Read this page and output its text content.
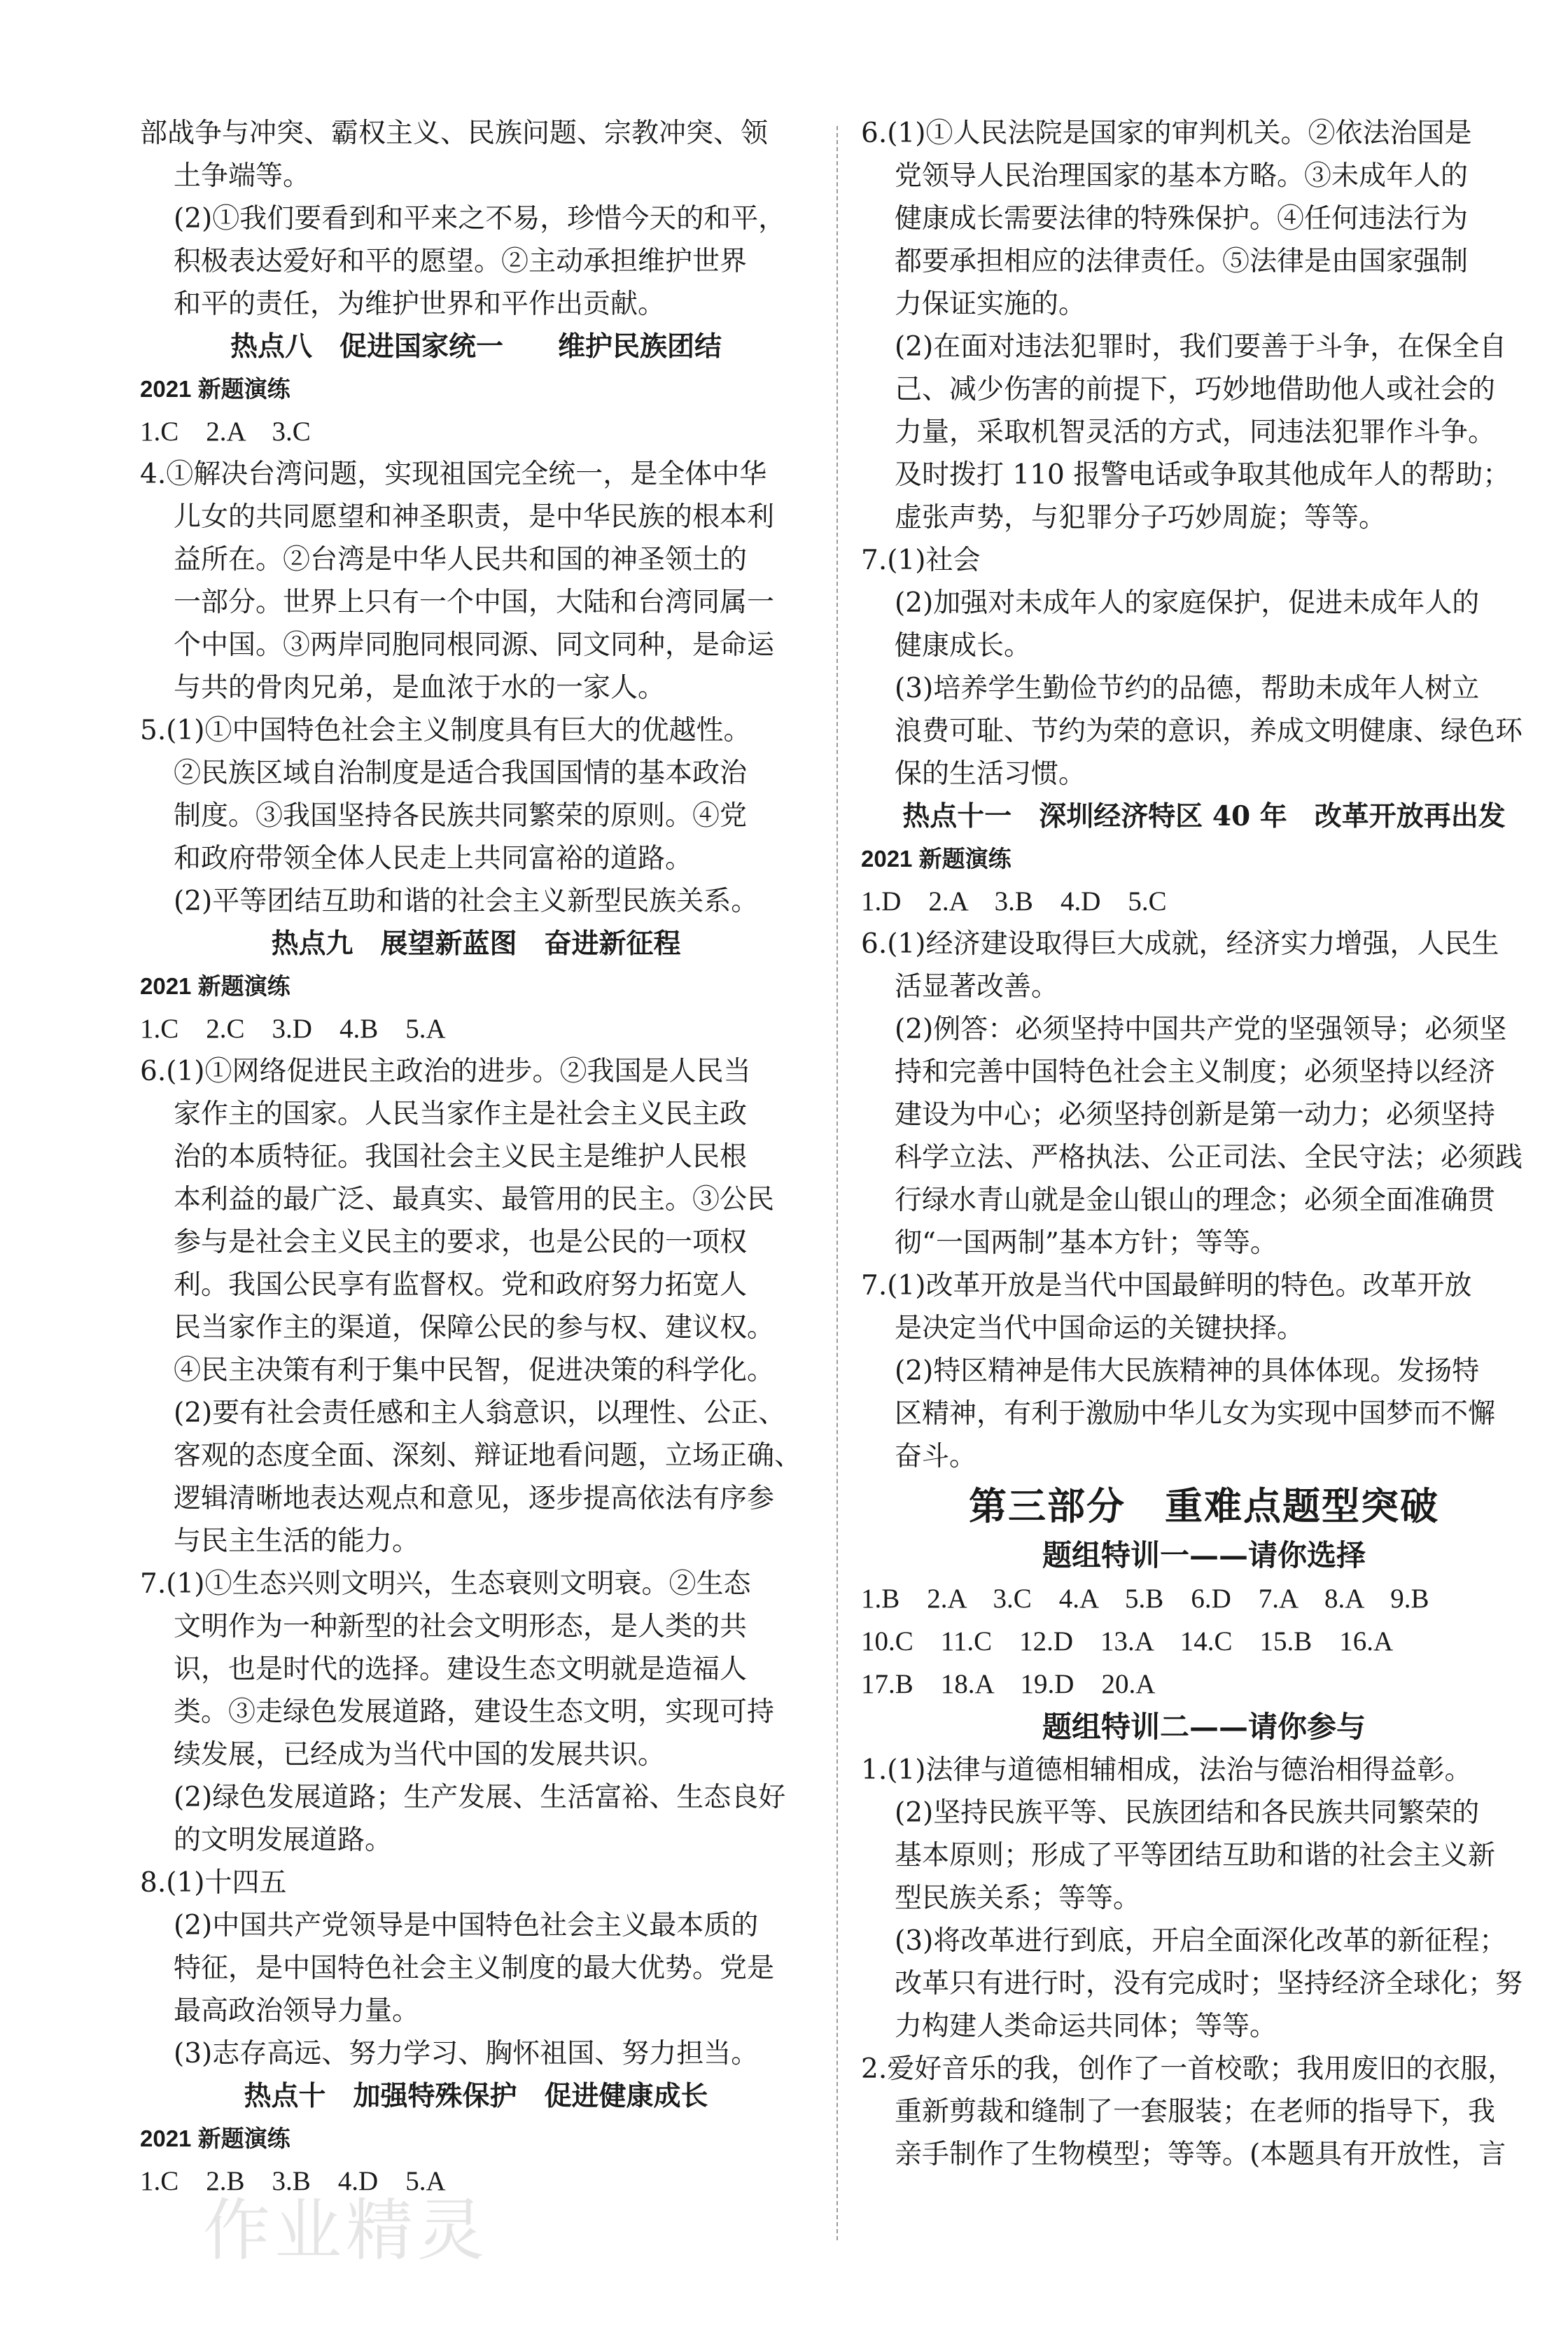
部战争与冲突、霸权主义、民族问题、宗教冲突、领
土争端等。
(2)①我们要看到和平来之不易，珍惜今天的和平，
积极表达爱好和平的愿望。②主动承担维护世界
和平的责任，为维护世界和平作出贡献。
热点八　促进国家统一　　维护民族团结
2021 新题演练
1.C　2.A　3.C
4.①解决台湾问题，实现祖国完全统一，是全体中华
儿女的共同愿望和神圣职责，是中华民族的根本利
益所在。②台湾是中华人民共和国的神圣领土的
一部分。世界上只有一个中国，大陆和台湾同属一
个中国。③两岸同胞同根同源、同文同种，是命运
与共的骨肉兄弟，是血浓于水的一家人。
5.(1)①中国特色社会主义制度具有巨大的优越性。
②民族区域自治制度是适合我国国情的基本政治
制度。③我国坚持各民族共同繁荣的原则。④党
和政府带领全体人民走上共同富裕的道路。
(2)平等团结互助和谐的社会主义新型民族关系。
热点九　展望新蓝图　奋进新征程
2021 新题演练
1.C　2.C　3.D　4.B　5.A
6.(1)①网络促进民主政治的进步。②我国是人民当
家作主的国家。人民当家作主是社会主义民主政
治的本质特征。我国社会主义民主是维护人民根
本利益的最广泛、最真实、最管用的民主。③公民
参与是社会主义民主的要求，也是公民的一项权
利。我国公民享有监督权。党和政府努力拓宽人
民当家作主的渠道，保障公民的参与权、建议权。
④民主决策有利于集中民智，促进决策的科学化。
(2)要有社会责任感和主人翁意识，以理性、公正、
客观的态度全面、深刻、辩证地看问题，立场正确、
逻辑清晰地表达观点和意见，逐步提高依法有序参
与民主生活的能力。
7.(1)①生态兴则文明兴，生态衰则文明衰。②生态
文明作为一种新型的社会文明形态，是人类的共
识，也是时代的选择。建设生态文明就是造福人
类。③走绿色发展道路，建设生态文明，实现可持
续发展，已经成为当代中国的发展共识。
(2)绿色发展道路；生产发展、生活富裕、生态良好
的文明发展道路。
8.(1)十四五
(2)中国共产党领导是中国特色社会主义最本质的
特征，是中国特色社会主义制度的最大优势。党是
最高政治领导力量。
(3)志存高远、努力学习、胸怀祖国、努力担当。
热点十　加强特殊保护　促进健康成长
2021 新题演练
1.C　2.B　3.B　4.D　5.A
6.(1)①人民法院是国家的审判机关。②依法治国是
党领导人民治理国家的基本方略。③未成年人的
健康成长需要法律的特殊保护。④任何违法行为
都要承担相应的法律责任。⑤法律是由国家强制
力保证实施的。
(2)在面对违法犯罪时，我们要善于斗争，在保全自
己、减少伤害的前提下，巧妙地借助他人或社会的
力量，采取机智灵活的方式，同违法犯罪作斗争。
及时拨打 110 报警电话或争取其他成年人的帮助；
虚张声势，与犯罪分子巧妙周旋；等等。
7.(1)社会
(2)加强对未成年人的家庭保护，促进未成年人的
健康成长。
(3)培养学生勤俭节约的品德，帮助未成年人树立
浪费可耻、节约为荣的意识，养成文明健康、绿色环
保的生活习惯。
热点十一　深圳经济特区 40 年　改革开放再出发
2021 新题演练
1.D　2.A　3.B　4.D　5.C
6.(1)经济建设取得巨大成就，经济实力增强，人民生
活显著改善。
(2)例答：必须坚持中国共产党的坚强领导；必须坚
持和完善中国特色社会主义制度；必须坚持以经济
建设为中心；必须坚持创新是第一动力；必须坚持
科学立法、严格执法、公正司法、全民守法；必须践
行绿水青山就是金山银山的理念；必须全面准确贯
彻“一国两制”基本方针；等等。
7.(1)改革开放是当代中国最鲜明的特色。改革开放
是决定当代中国命运的关键抉择。
(2)特区精神是伟大民族精神的具体体现。发扬特
区精神，有利于激励中华儿女为实现中国梦而不懈
奋斗。
第三部分　重难点题型突破
题组特训一——请你选择
1.B　2.A　3.C　4.A　5.B　6.D　7.A　8.A　9.B
10.C　11.C　12.D　13.A　14.C　15.B　16.A
17.B　18.A　19.D　20.A
题组特训二——请你参与
1.(1)法律与道德相辅相成，法治与德治相得益彰。
(2)坚持民族平等、民族团结和各民族共同繁荣的
基本原则；形成了平等团结互助和谐的社会主义新
型民族关系；等等。
(3)将改革进行到底，开启全面深化改革的新征程；
改革只有进行时，没有完成时；坚持经济全球化；努
力构建人类命运共同体；等等。
2.爱好音乐的我，创作了一首校歌；我用废旧的衣服，
重新剪裁和缝制了一套服装；在老师的指导下，我
亲手制作了生物模型；等等。(本题具有开放性，言
作业精灵
